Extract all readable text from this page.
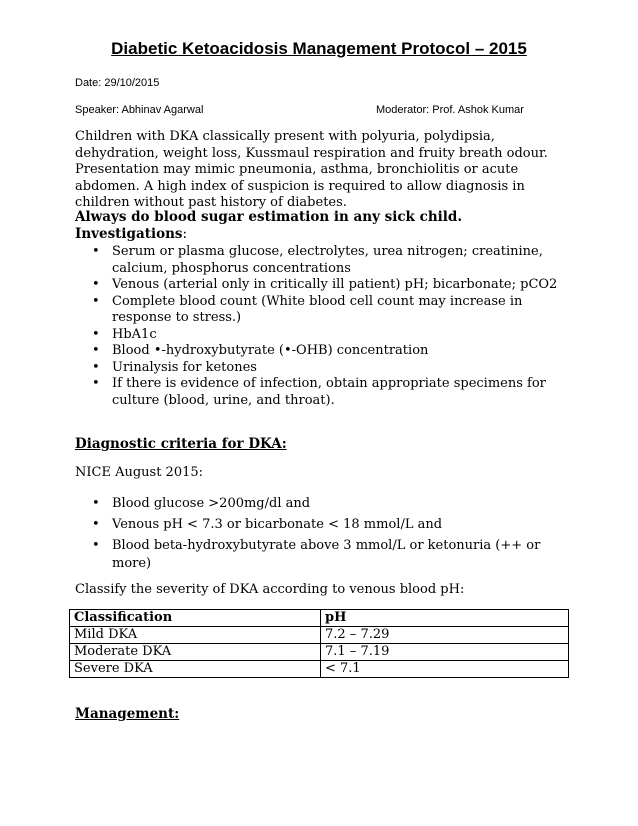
Diabetic Ketoacidosis Management Protocol – 2015
Date: 29/10/2015
Speaker: Abhinav Agarwal	Moderator: Prof. Ashok Kumar
Children with DKA classically present with polyuria, polydipsia, dehydration, weight loss, Kussmaul respiration and fruity breath odour. Presentation may mimic pneumonia, asthma, bronchiolitis or acute abdomen. A high index of suspicion is required to allow diagnosis in children without past history of diabetes.
Always do blood sugar estimation in any sick child.
Investigations:
• Serum or plasma glucose, electrolytes, urea nitrogen; creatinine, calcium, phosphorus concentrations
• Venous (arterial only in critically ill patient) pH; bicarbonate; pCO2
• Complete blood count (White blood cell count may increase in response to stress.)
• HbA1c
• Blood •-hydroxybutyrate (•-OHB) concentration
• Urinalysis for ketones
• If there is evidence of infection, obtain appropriate specimens for culture (blood, urine, and throat).
Diagnostic criteria for DKA:
NICE August 2015:
• Blood glucose >200mg/dl and
• Venous pH < 7.3 or bicarbonate < 18 mmol/L and
• Blood beta-hydroxybutyrate above 3 mmol/L or ketonuria (++ or more)
Classify the severity of DKA according to venous blood pH:
Classification	pH
Mild DKA	7.2 – 7.29
Moderate DKA	7.1 – 7.19
Severe DKA	< 7.1
Management:
